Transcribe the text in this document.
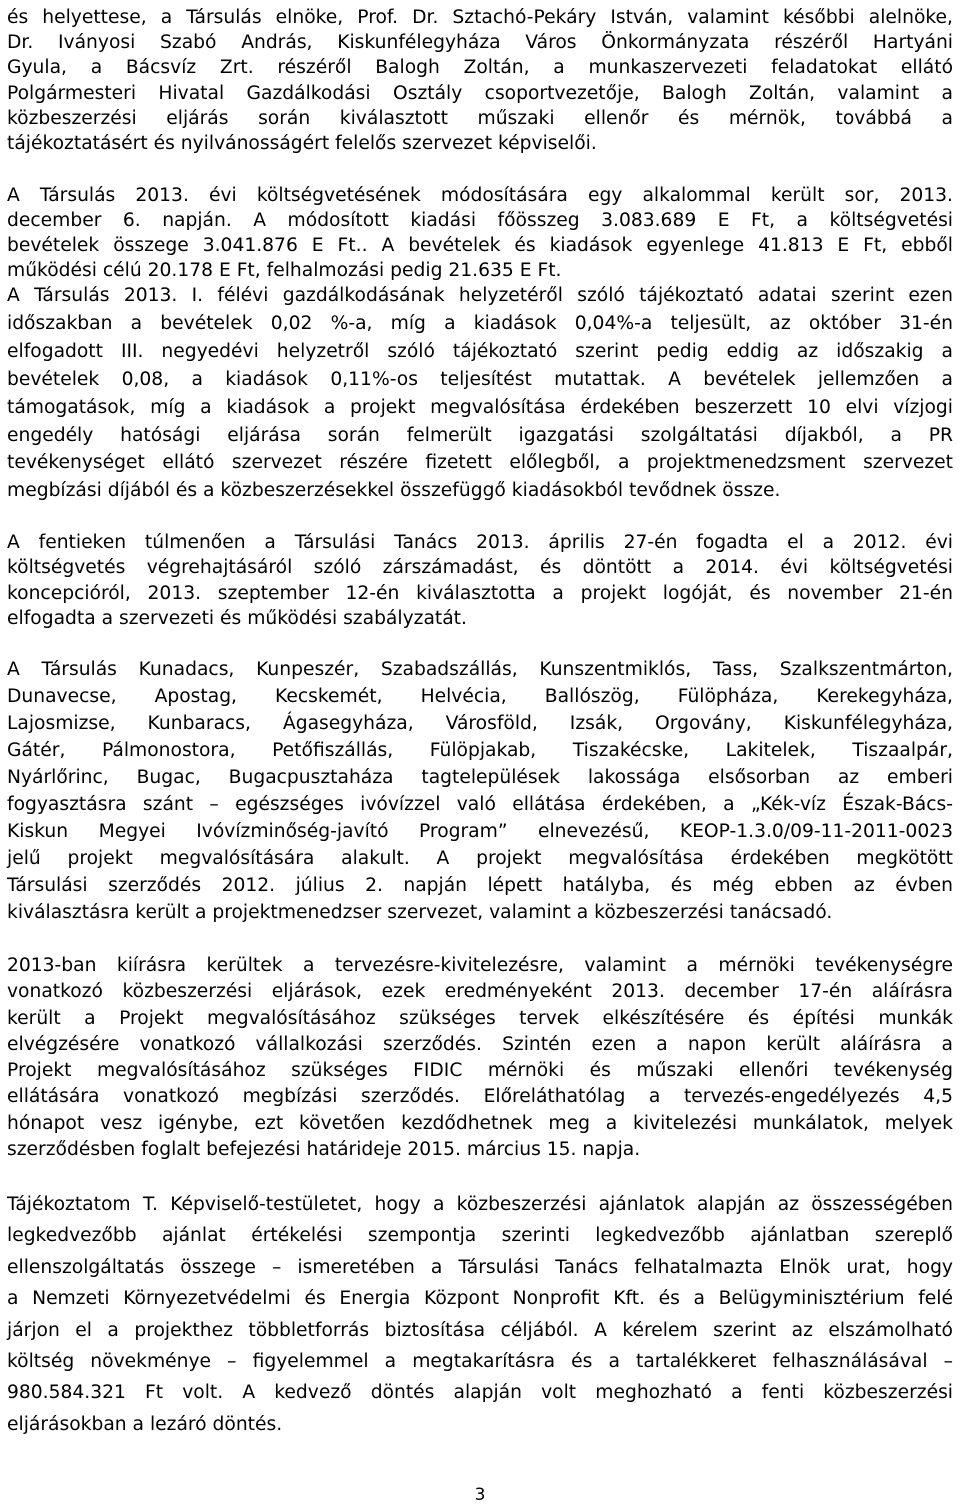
és helyettese, a Társulás elnöke, Prof. Dr. Sztachó-Pekáry István, valamint későbbi alelnöke,
Dr. Iványosi Szabó András, Kiskunfélegyháza Város Önkormányzata részéről Hartyáni
Gyula, a Bácsvíz Zrt. részéről Balogh Zoltán, a munkaszervezeti feladatokat ellátó
Polgármesteri Hivatal Gazdálkodási Osztály csoportvezetője, Balogh Zoltán, valamint a
közbeszerzési eljárás során kiválasztott műszaki ellenőr és mérnök, továbbá a
tájékoztatásért és nyilvánosságért felelős szervezet képviselői.
A Társulás 2013. évi költségvetésének módosítására egy alkalommal került sor, 2013.
december 6. napján. A módosított kiadási főösszeg 3.083.689 E Ft, a költségvetési
bevételek összege 3.041.876 E Ft.. A bevételek és kiadások egyenlege 41.813 E Ft, ebből
működési célú 20.178 E Ft, felhalmozási pedig 21.635 E Ft.
A Társulás 2013. I. félévi gazdálkodásának helyzetéről szóló tájékoztató adatai szerint ezen
időszakban a bevételek 0,02 %-a, míg a kiadások 0,04%-a teljesült, az október 31-én
elfogadott III. negyedévi helyzetről szóló tájékoztató szerint pedig eddig az időszakig a
bevételek 0,08, a kiadások 0,11%-os teljesítést mutattak. A bevételek jellemzően a
támogatások, míg a kiadások a projekt megvalósítása érdekében beszerzett 10 elvi vízjogi
engedély hatósági eljárása során felmerült igazgatási szolgáltatási díjakból, a PR
tevékenységet ellátó szervezet részére fizetett előlegből, a projektmenedzsment szervezet
megbízási díjából és a közbeszerzésekkel összefüggő kiadásokból tevődnek össze.
A fentieken túlmenően a Társulási Tanács 2013. április 27-én fogadta el a 2012. évi
költségvetés végrehajtásáról szóló zárszámadást, és döntött a 2014. évi költségvetési
koncepcióról, 2013. szeptember 12-én kiválasztotta a projekt logóját, és november 21-én
elfogadta a szervezeti és működési szabályzatát.
A Társulás Kunadacs, Kunpeszér, Szabadszállás, Kunszentmiklós, Tass, Szalkszentmárton,
Dunavecse, Apostag, Kecskemét, Helvécia, Ballószög, Fülöpháza, Kerekegyháza,
Lajosmizse, Kunbaracs, Ágasegyháza, Városföld, Izsák, Orgovány, Kiskunfélegyháza,
Gátér, Pálmonostora, Petőfiszállás, Fülöpjakab, Tiszakécske, Lakitelek, Tiszaalpár,
Nyárlőrinc, Bugac, Bugacpusztaháza tagtelepülések lakossága elsősorban az emberi
fogyasztásra szánt – egészséges ivóvízzel való ellátása érdekében, a „Kék-víz Észak-Bács-
Kiskun Megyei Ivóvízminőség-javító Program” elnevezésű, KEOP-1.3.0/09-11-2011-0023
jelű projekt megvalósítására alakult. A projekt megvalósítása érdekében megkötött
Társulási szerződés 2012. július 2. napján lépett hatályba, és még ebben az évben
kiválasztásra került a projektmenedzser szervezet, valamint a közbeszerzési tanácsadó.
2013-ban kiírásra kerültek a tervezésre-kivitelezésre, valamint a mérnöki tevékenységre
vonatkozó közbeszerzési eljárások, ezek eredményeként 2013. december 17-én aláírásra
került a Projekt megvalósításához szükséges tervek elkészítésére és építési munkák
elvégzésére vonatkozó vállalkozási szerződés. Szintén ezen a napon került aláírásra a
Projekt megvalósításához szükséges FIDIC mérnöki és műszaki ellenőri tevékenység
ellátására vonatkozó megbízási szerződés. Előreláthatólag a tervezés-engedélyezés 4,5
hónapot vesz igénybe, ezt követően kezdődhetnek meg a kivitelezési munkálatok, melyek
szerződésben foglalt befejezési határideje 2015. március 15. napja.
Tájékoztatom T. Képviselő-testületet, hogy a közbeszerzési ajánlatok alapján az összességében
legkedvezőbb ajánlat értékelési szempontja szerinti legkedvezőbb ajánlatban szereplő
ellenszolgáltatás összege – ismeretében a Társulási Tanács felhatalmazta Elnök urat, hogy
a Nemzeti Környezetvédelmi és Energia Központ Nonprofit Kft. és a Belügyminisztérium felé
járjon el a projekthez többletforrás biztosítása céljából. A kérelem szerint az elszámolható
költség növekménye – figyelemmel a megtakarításra és a tartalékkeret felhasználásával –
980.584.321 Ft volt. A kedvező döntés alapján volt meghozható a fenti közbeszerzési
eljárásokban a lezáró döntés.
3
